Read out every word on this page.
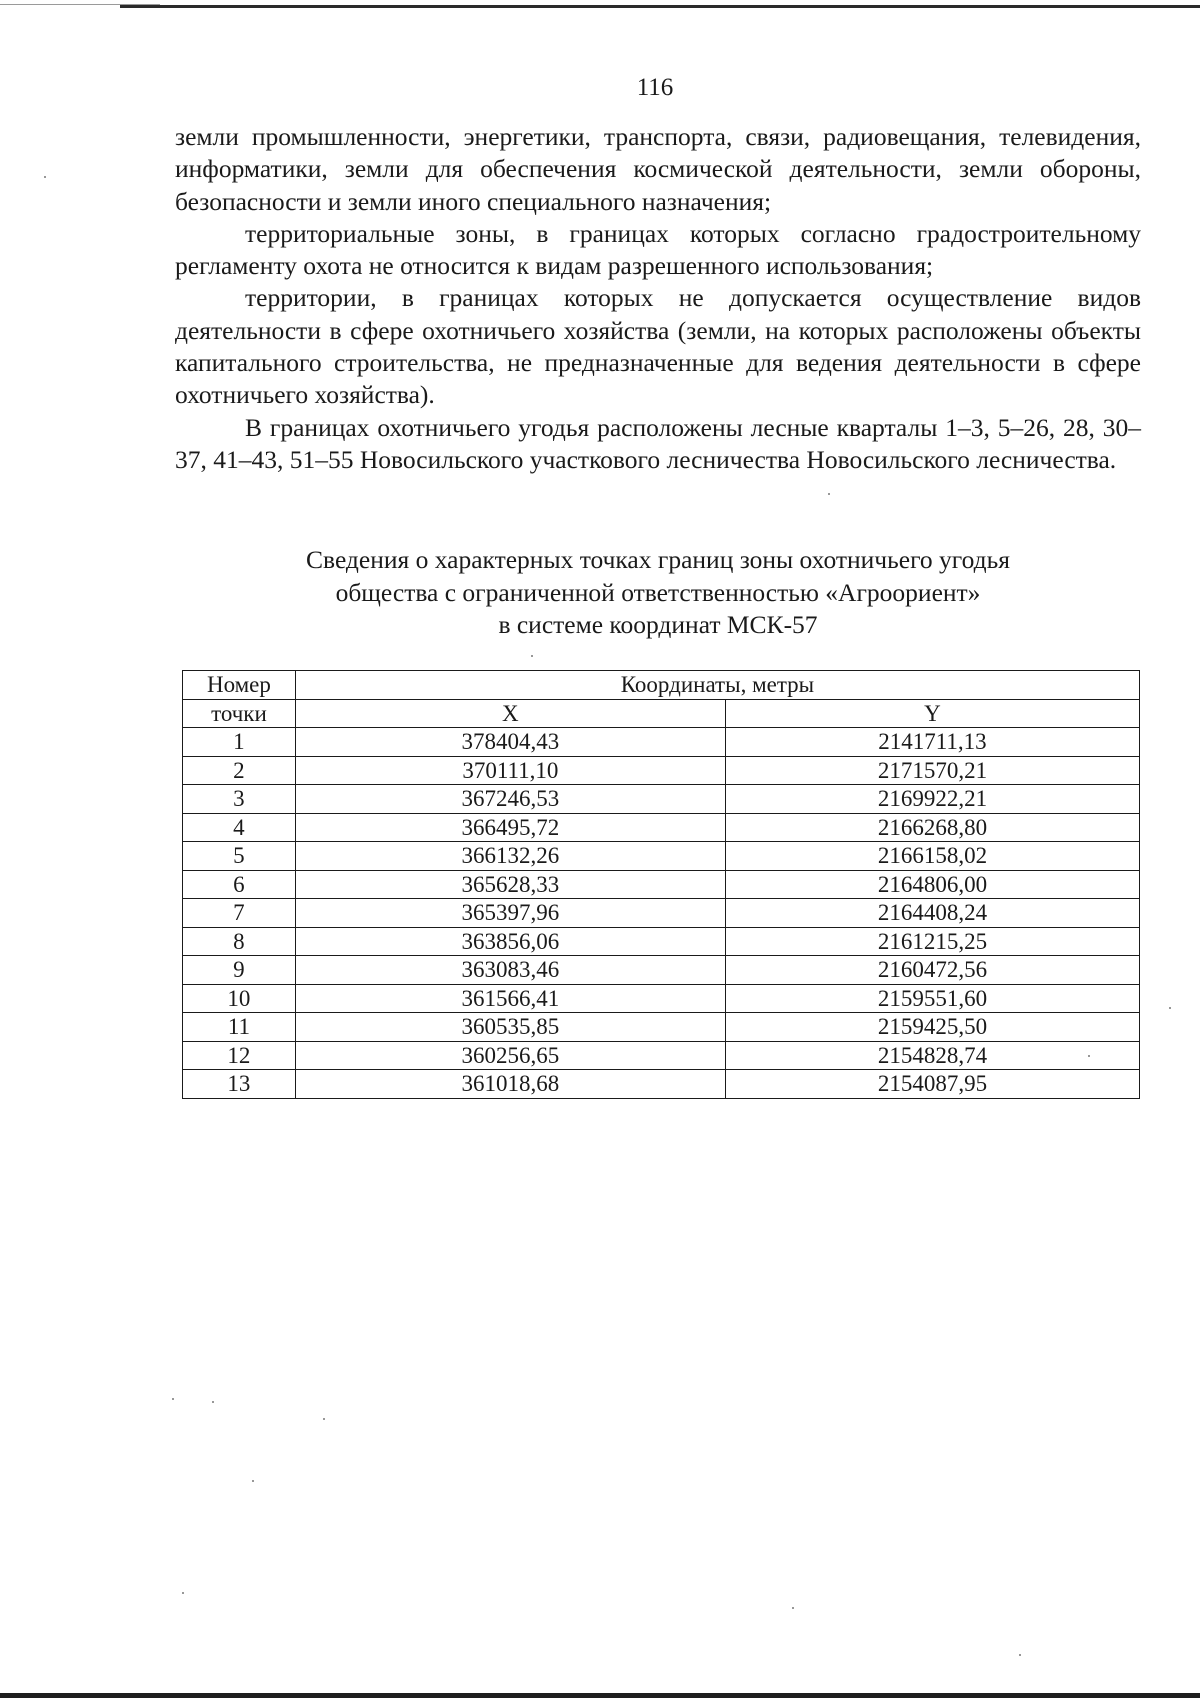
116

земли промышленности, энергетики, транспорта, связи, радиовещания, телевидения, информатики, земли для обеспечения космической деятельности, земли обороны, безопасности и земли иного специального назначения;

территориальные зоны, в границах которых согласно градостроительному регламенту охота не относится к видам разрешенного использования;

территории, в границах которых не допускается осуществление видов деятельности в сфере охотничьего хозяйства (земли, на которых расположены объекты капитального строительства, не предназначенные для ведения деятельности в сфере охотничьего хозяйства).

В границах охотничьего угодья расположены лесные кварталы 1–3, 5–26, 28, 30–37, 41–43, 51–55 Новосильского участкового лесничества Новосильского лесничества.

Сведения о характерных точках границ зоны охотничьего угодья
общества с ограниченной ответственностью «Агроориент»
в системе координат МСК-57
Номер	Координаты, метры	
точки	X	Y
1	378404,43	2141711,13
2	370111,10	2171570,21
3	367246,53	2169922,21
4	366495,72	2166268,80
5	366132,26	2166158,02
6	365628,33	2164806,00
7	365397,96	2164408,24
8	363856,06	2161215,25
9	363083,46	2160472,56
10	361566,41	2159551,60
11	360535,85	2159425,50
12	360256,65	2154828,74
13	361018,68	2154087,95
